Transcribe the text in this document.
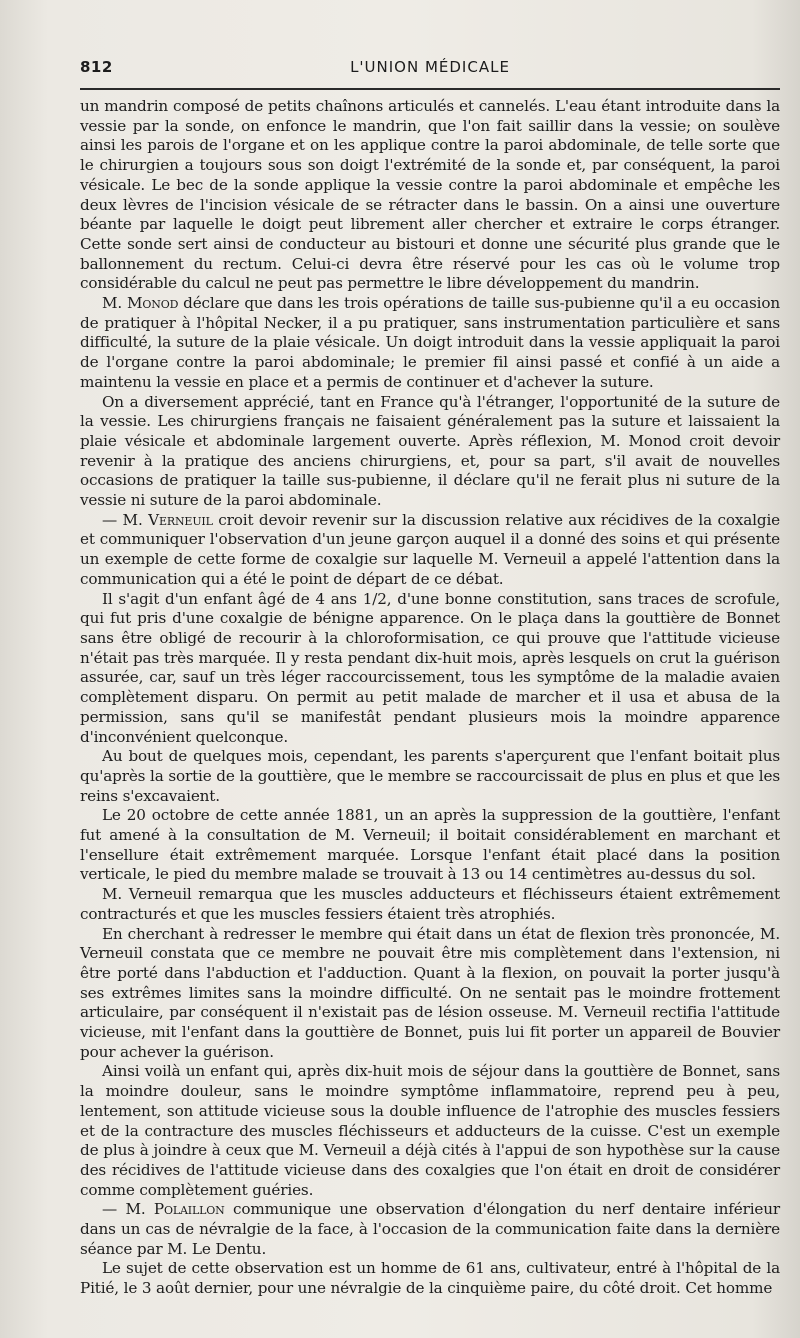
812	L'UNION MÉDICALE

un mandrin composé de petits chaînons articulés et cannelés. L'eau étant introduite dans la vessie par la sonde, on enfonce le mandrin, que l'on fait saillir dans la vessie; on soulève ainsi les parois de l'organe et on les applique contre la paroi abdominale, de telle sorte que le chirurgien a toujours sous son doigt l'extrémité de la sonde et, par conséquent, la paroi vésicale. Le bec de la sonde applique la vessie contre la paroi abdominale et empêche les deux lèvres de l'incision vésicale de se rétracter dans le bassin. On a ainsi une ouverture béante par laquelle le doigt peut librement aller chercher et extraire le corps étranger. Cette sonde sert ainsi de conducteur au bistouri et donne une sécurité plus grande que le ballonnement du rectum. Celui-ci devra être réservé pour les cas où le volume trop considérable du calcul ne peut pas permettre le libre développement du mandrin.

M. Monod déclare que dans les trois opérations de taille sus-pubienne qu'il a eu occasion de pratiquer à l'hôpital Necker, il a pu pratiquer, sans instrumentation particulière et sans difficulté, la suture de la plaie vésicale. Un doigt introduit dans la vessie appliquait la paroi de l'organe contre la paroi abdominale; le premier fil ainsi passé et confié à un aide a maintenu la vessie en place et a permis de continuer et d'achever la suture.

On a diversement apprécié, tant en France qu'à l'étranger, l'opportunité de la suture de la vessie. Les chirurgiens français ne faisaient généralement pas la suture et laissaient la plaie vésicale et abdominale largement ouverte. Après réflexion, M. Monod croit devoir revenir à la pratique des anciens chirurgiens, et, pour sa part, s'il avait de nouvelles occasions de pratiquer la taille sus-pubienne, il déclare qu'il ne ferait plus ni suture de la vessie ni suture de la paroi abdominale.

— M. Verneuil croit devoir revenir sur la discussion relative aux récidives de la coxalgie et communiquer l'observation d'un jeune garçon auquel il a donné des soins et qui présente un exemple de cette forme de coxalgie sur laquelle M. Verneuil a appelé l'attention dans la communication qui a été le point de départ de ce débat.

Il s'agit d'un enfant âgé de 4 ans 1/2, d'une bonne constitution, sans traces de scrofule, qui fut pris d'une coxalgie de bénigne apparence. On le plaça dans la gouttière de Bonnet sans être obligé de recourir à la chloroformisation, ce qui prouve que l'attitude vicieuse n'était pas très marquée. Il y resta pendant dix-huit mois, après lesquels on crut la guérison assurée, car, sauf un très léger raccourcissement, tous les symptôme de la maladie avaien complètement disparu. On permit au petit malade de marcher et il usa et abusa de la permission, sans qu'il se manifestât pendant plusieurs mois la moindre apparence d'inconvénient quelconque.

Au bout de quelques mois, cependant, les parents s'aperçurent que l'enfant boitait plus qu'après la sortie de la gouttière, que le membre se raccourcissait de plus en plus et que les reins s'excavaient.

Le 20 octobre de cette année 1881, un an après la suppression de la gouttière, l'enfant fut amené à la consultation de M. Verneuil; il boitait considérablement en marchant et l'ensellure était extrêmement marquée. Lorsque l'enfant était placé dans la position verticale, le pied du membre malade se trouvait à 13 ou 14 centimètres au-dessus du sol.

M. Verneuil remarqua que les muscles adducteurs et fléchisseurs étaient extrêmement contracturés et que les muscles fessiers étaient très atrophiés.

En cherchant à redresser le membre qui était dans un état de flexion très prononcée, M. Verneuil constata que ce membre ne pouvait être mis complètement dans l'extension, ni être porté dans l'abduction et l'adduction. Quant à la flexion, on pouvait la porter jusqu'à ses extrêmes limites sans la moindre difficulté. On ne sentait pas le moindre frottement articulaire, par conséquent il n'existait pas de lésion osseuse. M. Verneuil rectifia l'attitude vicieuse, mit l'enfant dans la gouttière de Bonnet, puis lui fit porter un appareil de Bouvier pour achever la guérison.

Ainsi voilà un enfant qui, après dix-huit mois de séjour dans la gouttière de Bonnet, sans la moindre douleur, sans le moindre symptôme inflammatoire, reprend peu à peu, lentement, son attitude vicieuse sous la double influence de l'atrophie des muscles fessiers et de la contracture des muscles fléchisseurs et adducteurs de la cuisse. C'est un exemple de plus à joindre à ceux que M. Verneuil a déjà cités à l'appui de son hypothèse sur la cause des récidives de l'attitude vicieuse dans des coxalgies que l'on était en droit de considérer comme complètement guéries.

— M. Polaillon communique une observation d'élongation du nerf dentaire inférieur dans un cas de névralgie de la face, à l'occasion de la communication faite dans la dernière séance par M. Le Dentu.

Le sujet de cette observation est un homme de 61 ans, cultivateur, entré à l'hôpital de la Pitié, le 3 août dernier, pour une névralgie de la cinquième paire, du côté droit. Cet homme
